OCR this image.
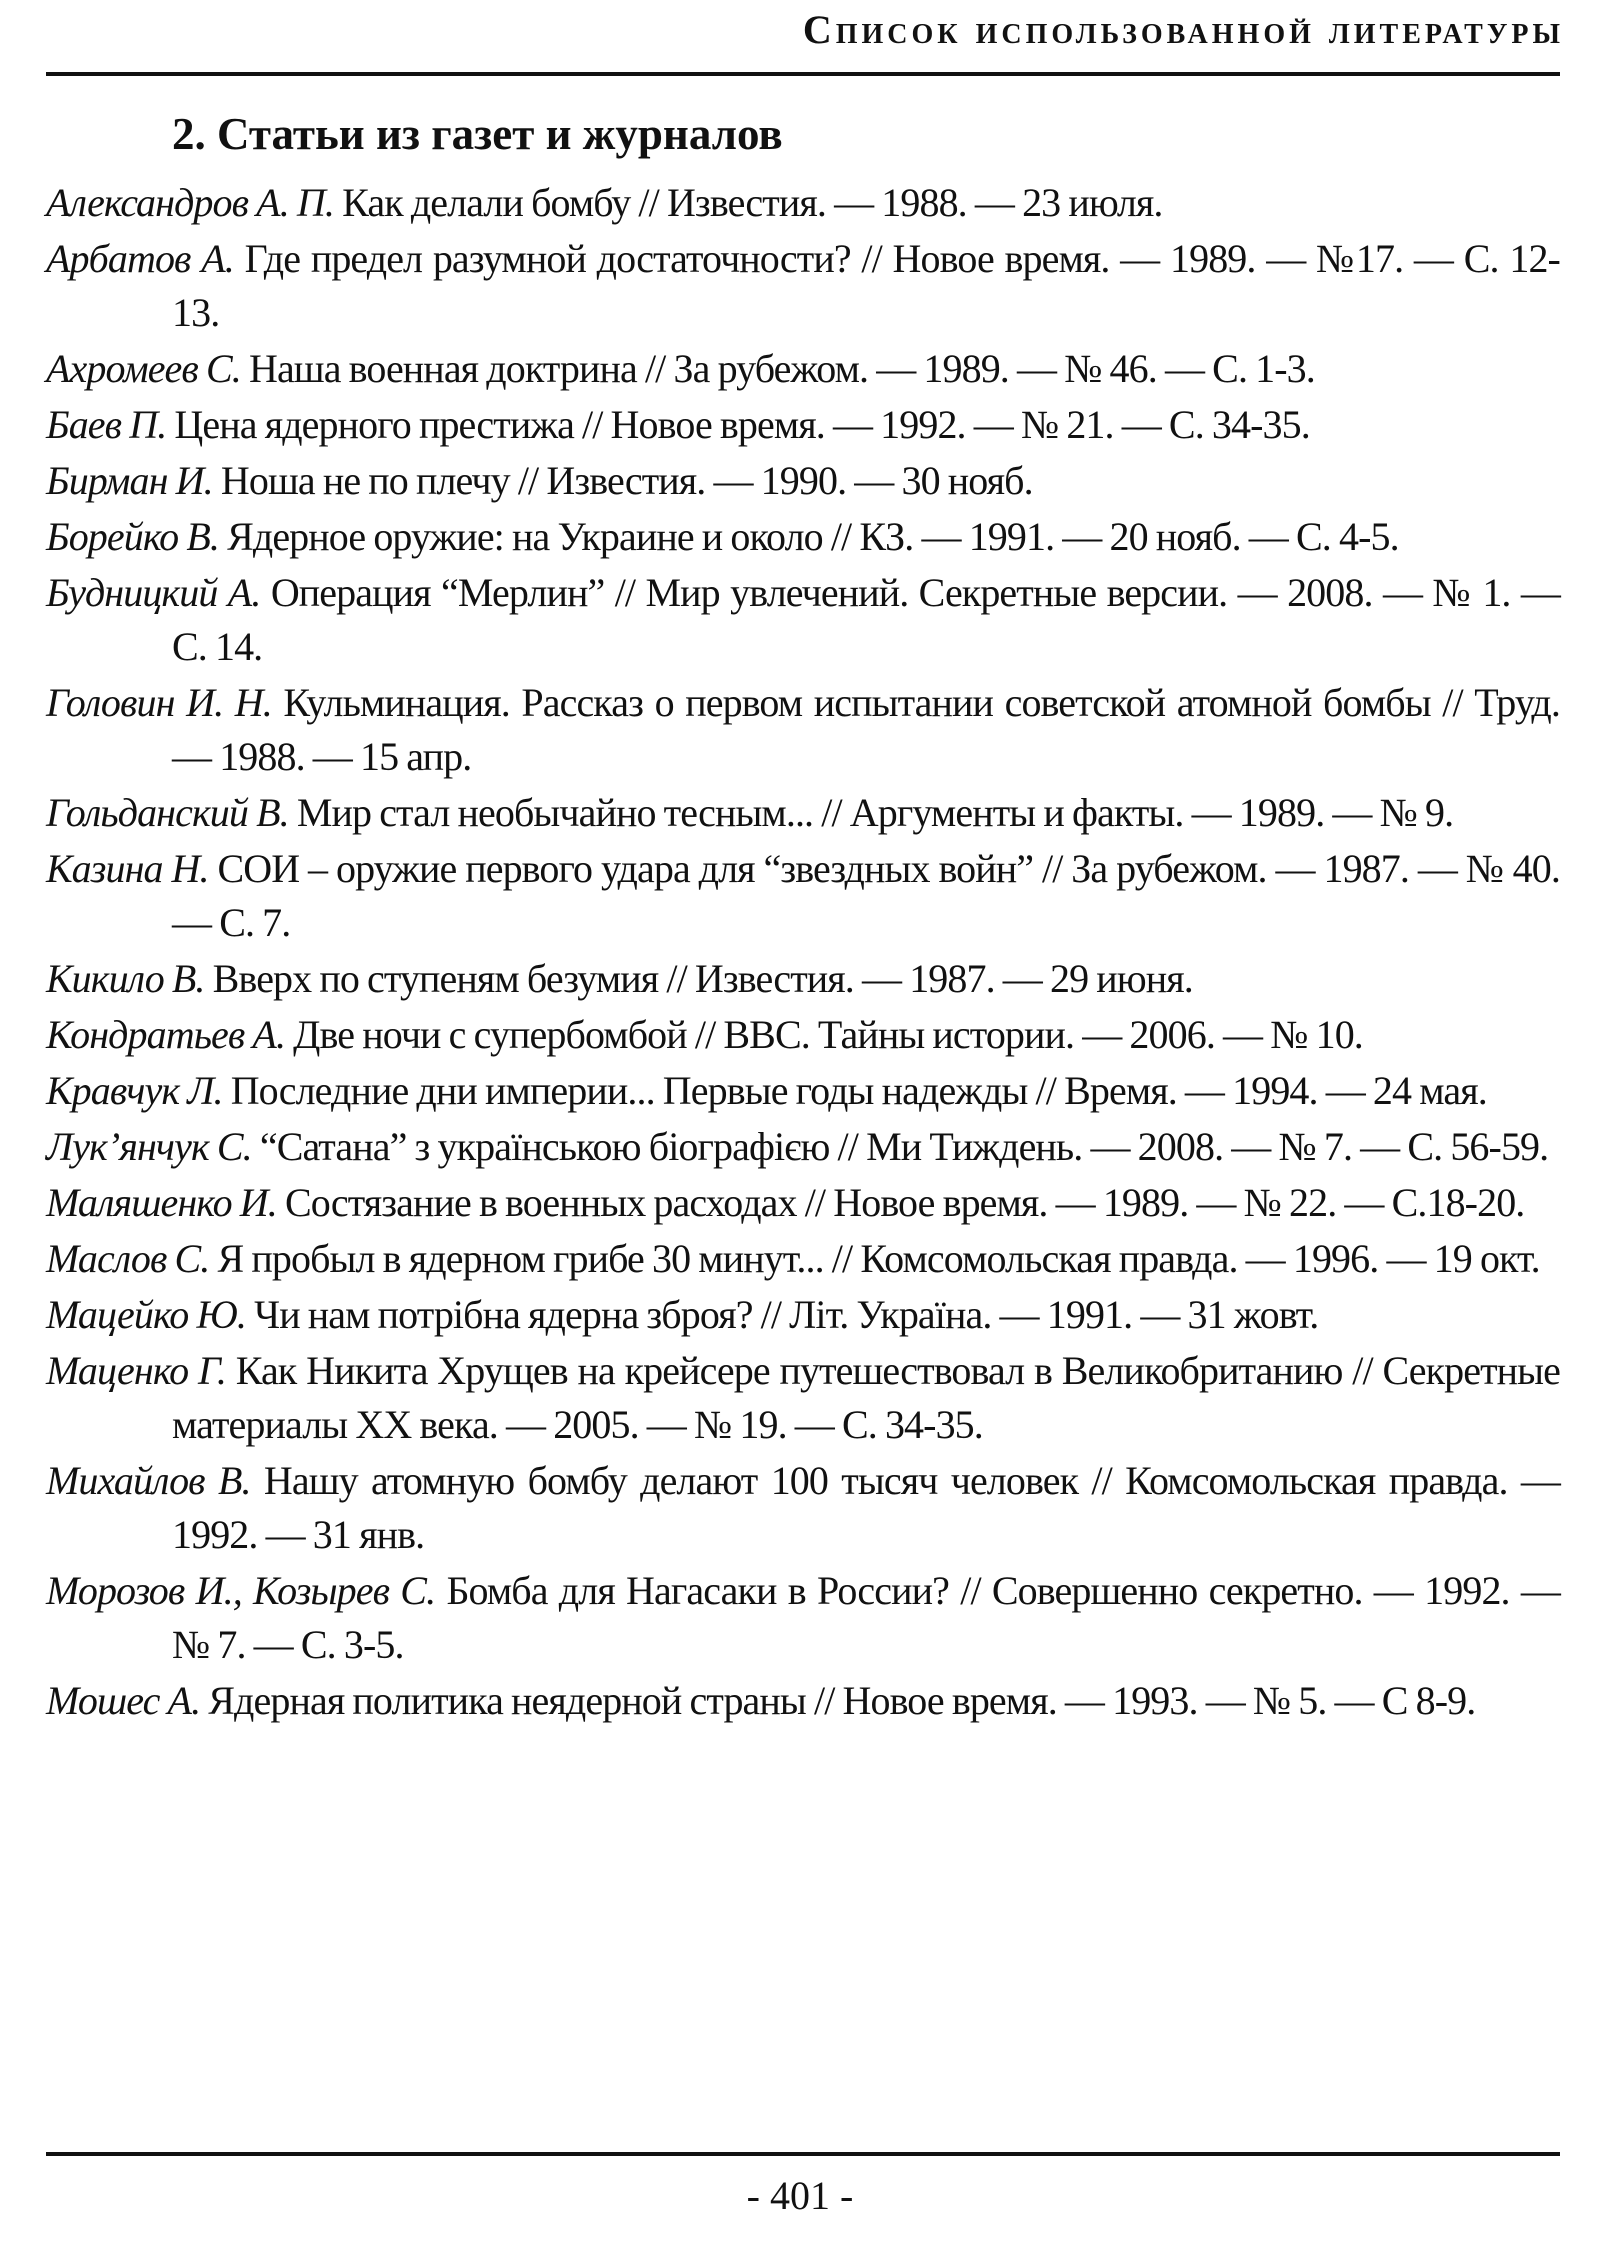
Список использованной литературы
2. Статьи из газет и журналов
Александров А. П. Как делали бомбу // Известия. — 1988. — 23 июля.
Арбатов А. Где предел разумной достаточности? // Новое время. — 1989. — №17. — С. 12-13.
Ахромеев С. Наша военная доктрина // За рубежом. — 1989. — № 46. — С. 1-3.
Баев П. Цена ядерного престижа // Новое время. — 1992. — № 21. — С. 34-35.
Бирман И. Ноша не по плечу // Известия. — 1990. — 30 нояб.
Борейко В. Ядерное оружие: на Украине и около // КЗ. — 1991. — 20 нояб. — С. 4-5.
Будницкий А. Операция “Мерлин” // Мир увлечений. Секретные версии. — 2008. — № 1. — С. 14.
Головин И. Н. Кульминация. Рассказ о первом испытании советской атомной бомбы // Труд. — 1988. — 15 апр.
Гольданский В. Мир стал необычайно тесным... // Аргументы и факты. — 1989. — № 9.
Казина Н. СОИ – оружие первого удара для “звездных войн” // За рубежом. — 1987. — № 40. — С. 7.
Кикило В. Вверх по ступеням безумия // Известия. — 1987. — 29 июня.
Кондратьев А. Две ночи с супербомбой // BBC. Тайны истории. — 2006. — № 10.
Кравчук Л. Последние дни империи... Первые годы надежды // Время. — 1994. — 24 мая.
Лук’янчук С. “Сатана” з українською біографією // Ми Тиждень. — 2008. — № 7. — С. 56-59.
Маляшенко И. Состязание в военных расходах // Новое время. — 1989. — № 22. — С.18-20.
Маслов С. Я пробыл в ядерном грибе 30 минут... // Комсомольская правда. — 1996. — 19 окт.
Мацейко Ю. Чи нам потрібна ядерна зброя? // Літ. Україна. — 1991. — 31 жовт.
Маценко Г. Как Никита Хрущев на крейсере путешествовал в Великобританию // Секретные материалы XX века. — 2005. — № 19. — С. 34-35.
Михайлов В. Нашу атомную бомбу делают 100 тысяч человек // Комсомольская правда. — 1992. — 31 янв.
Морозов И., Козырев С. Бомба для Нагасаки в России? // Совершенно секретно. — 1992. — № 7. — С. 3-5.
Мошес А. Ядерная политика неядерной страны // Новое время. — 1993. — № 5. — С 8-9.
- 401 -
